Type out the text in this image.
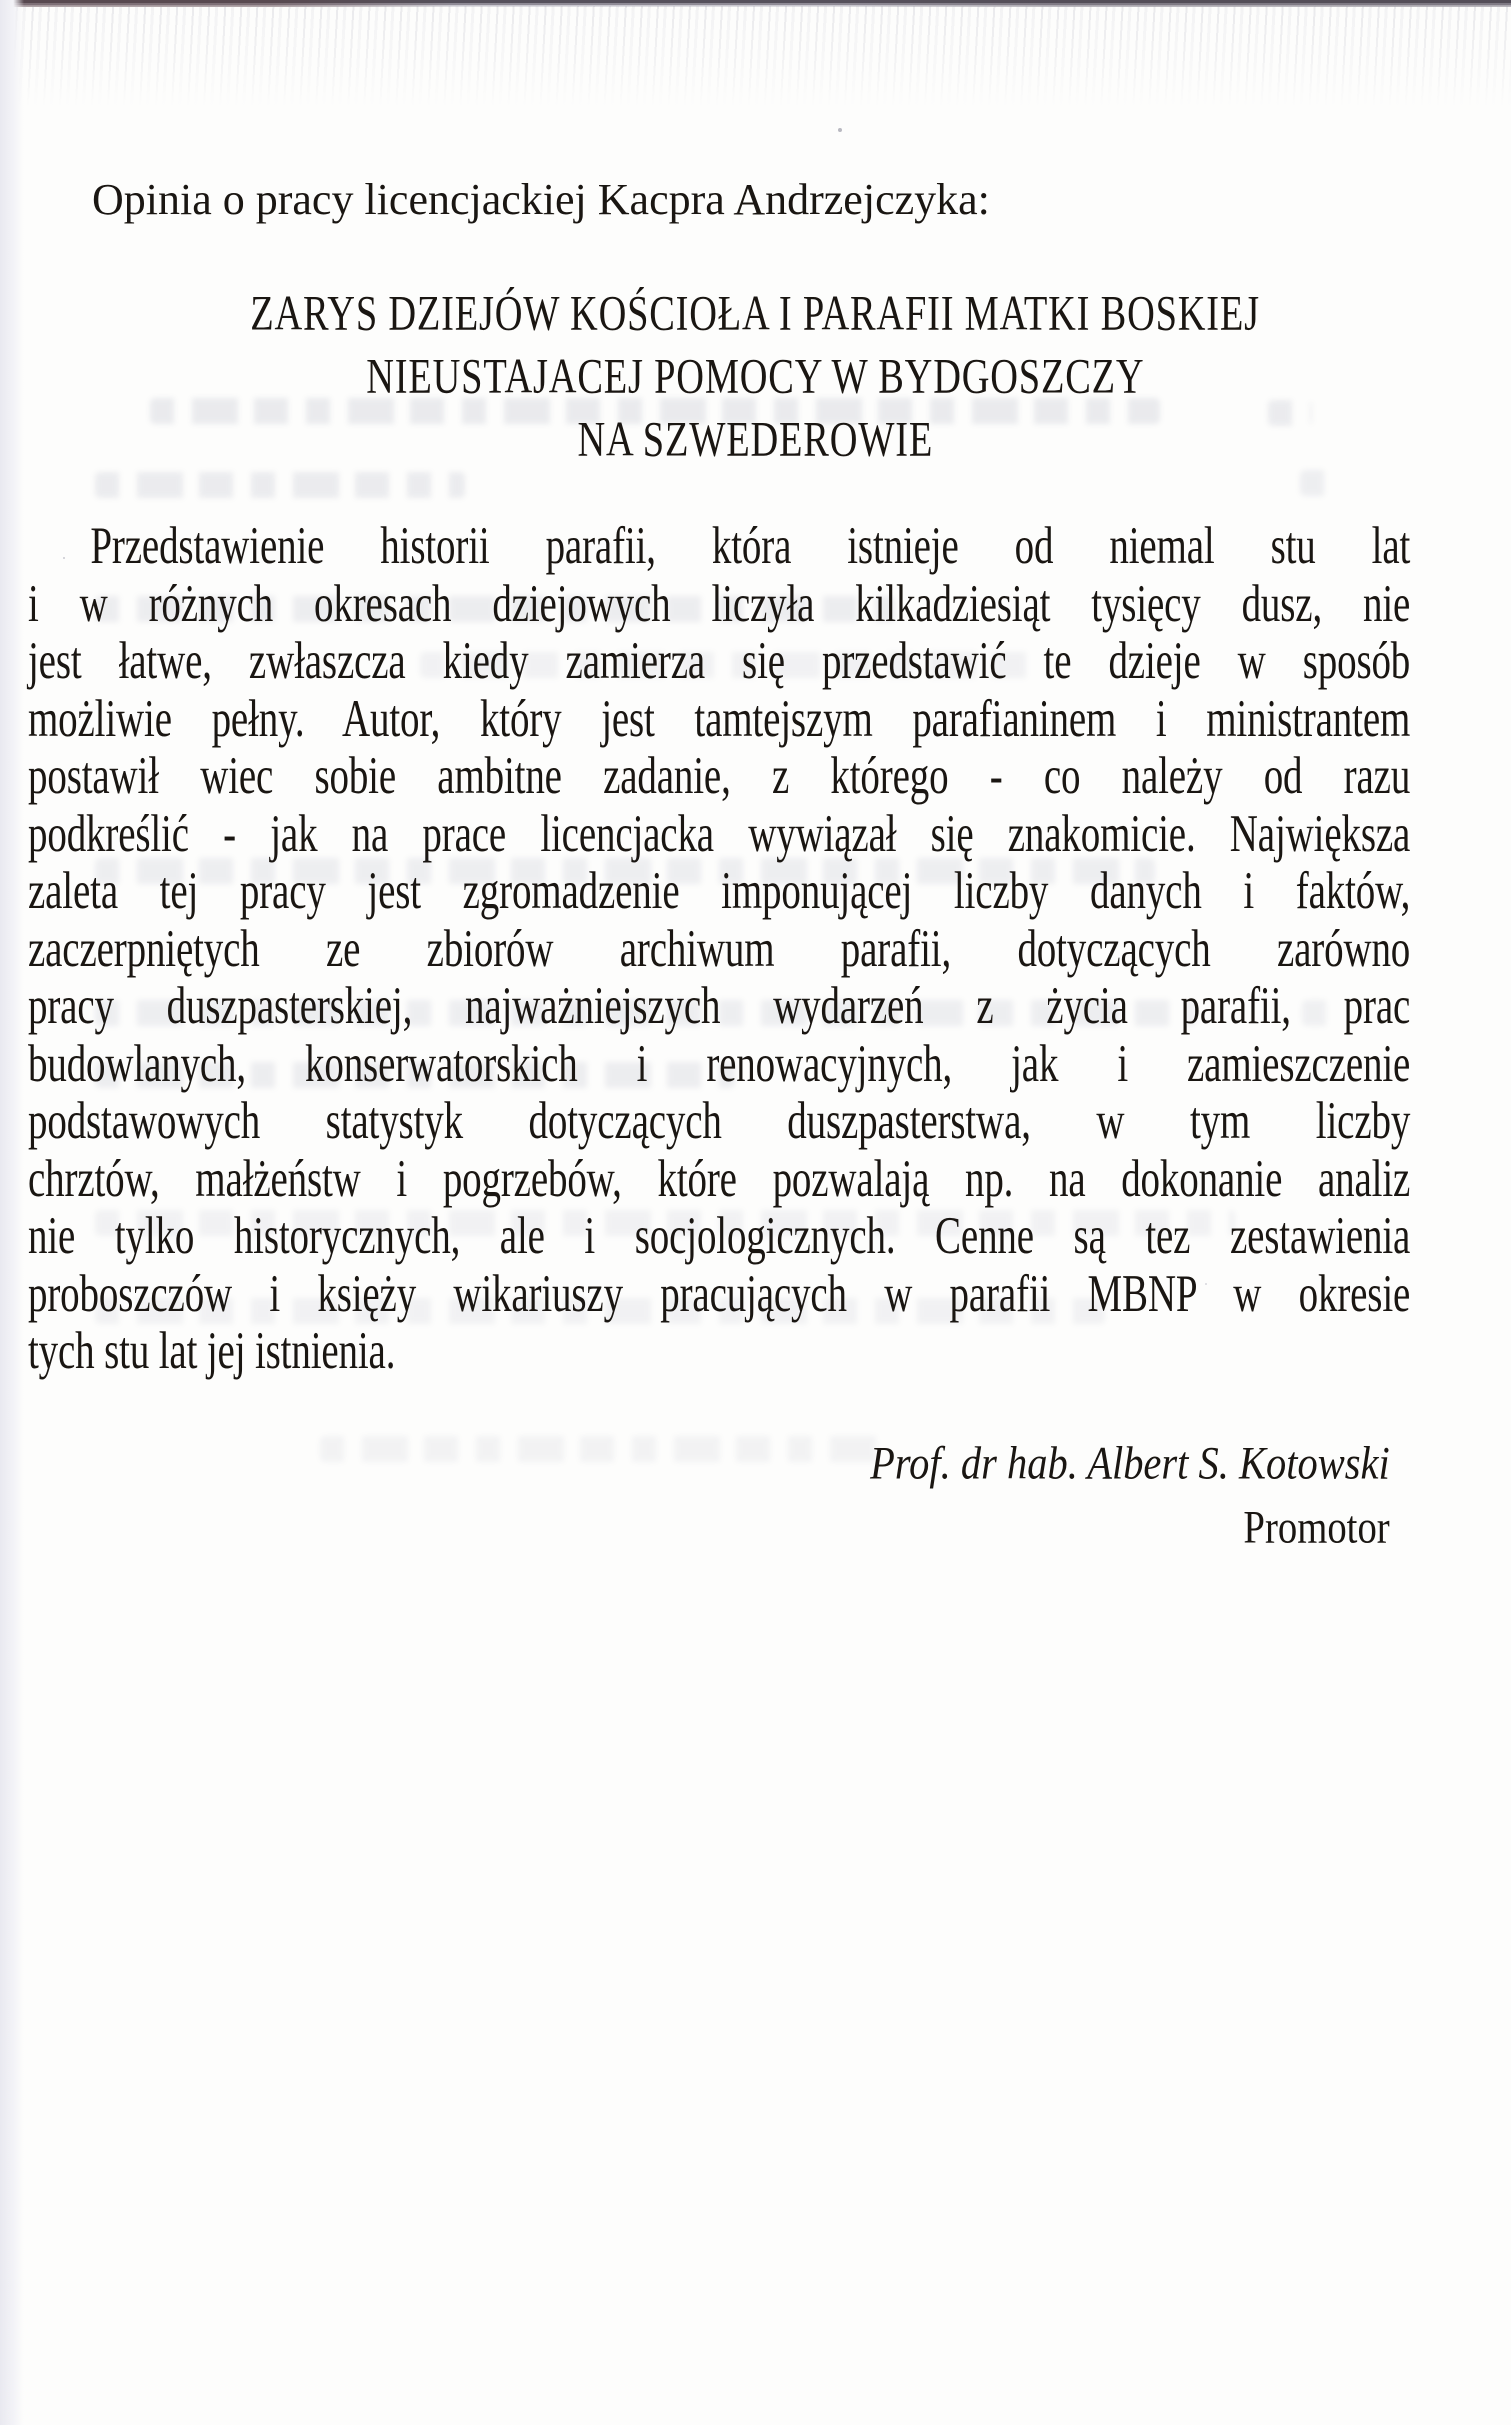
Opinia o pracy licencjackiej Kacpra Andrzejczyka:
ZARYS DZIEJÓW KOŚCIOŁA I PARAFII MATKI BOSKIEJ
NIEUSTAJACEJ POMOCY W BYDGOSZCZY
NA SZWEDEROWIE
Przedstawienie historii parafii, która istnieje od niemal stu lat
i w różnych okresach dziejowych liczyła kilkadziesiąt tysięcy dusz, nie
jest łatwe, zwłaszcza kiedy zamierza się przedstawić te dzieje w sposób
możliwie pełny. Autor, który jest tamtejszym parafianinem i ministrantem
postawił wiec sobie ambitne zadanie, z którego - co należy od razu
podkreślić - jak na prace licencjacka wywiązał się znakomicie. Największa
zaleta tej pracy jest zgromadzenie imponującej liczby danych i faktów,
zaczerpniętych ze zbiorów archiwum parafii, dotyczących zarówno
pracy duszpasterskiej, najważniejszych wydarzeń z życia parafii, prac
budowlanych, konserwatorskich i renowacyjnych, jak i zamieszczenie
podstawowych statystyk dotyczących duszpasterstwa, w tym liczby
chrztów, małżeństw i pogrzebów, które pozwalają np. na dokonanie analiz
nie tylko historycznych, ale i socjologicznych. Cenne są tez zestawienia
proboszczów i księży wikariuszy pracujących w parafii MBNP w okresie
tych stu lat jej istnienia.
Prof. dr hab. Albert S. Kotowski
Promotor
